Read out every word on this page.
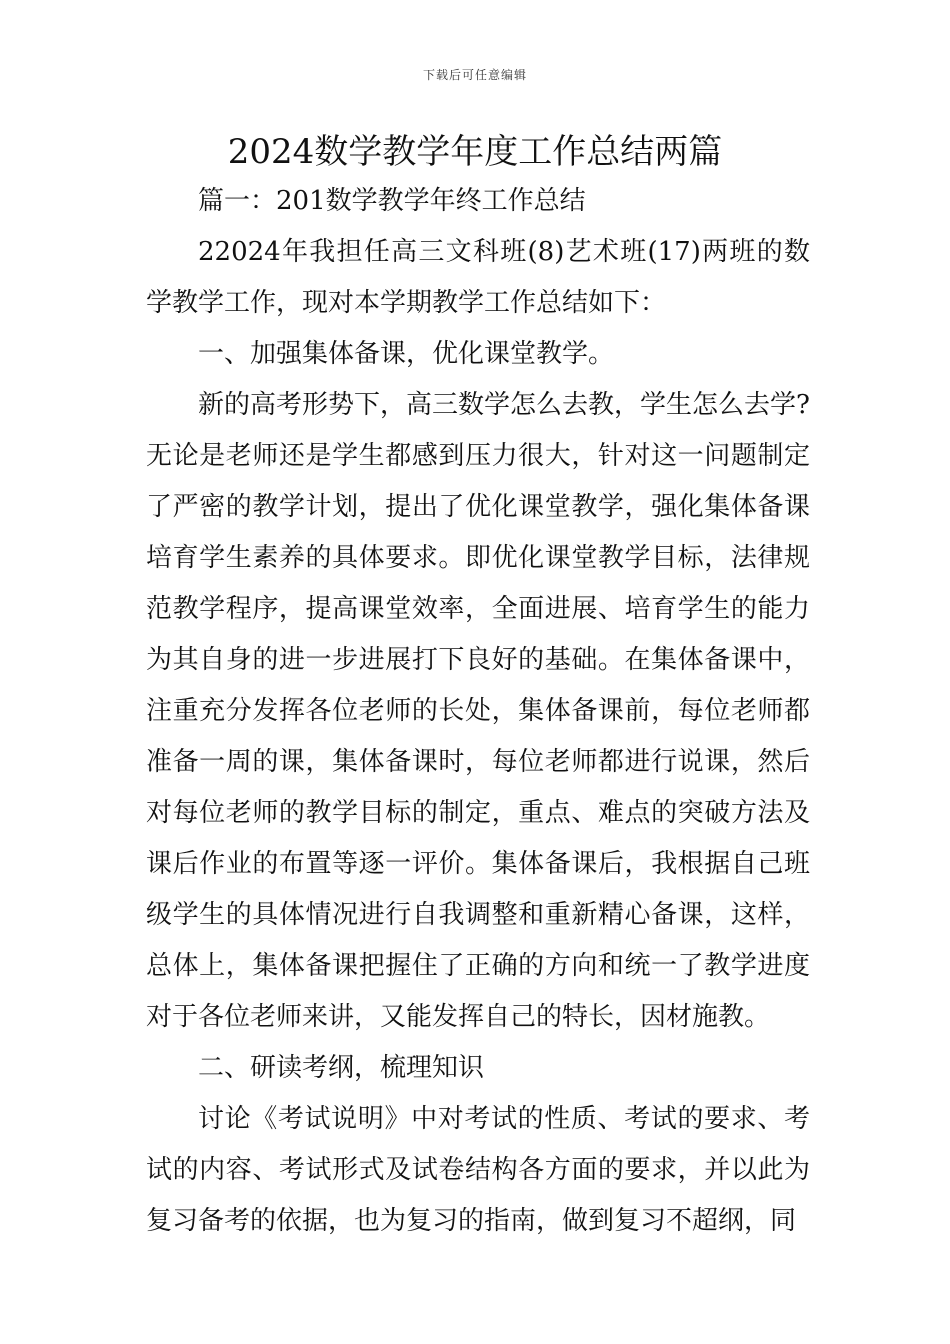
下载后可任意编辑
2024数学教学年度工作总结两篇

篇一：201数学教学年终工作总结

22024年我担任高三文科班(8)艺术班(17)两班的数学教学工作，现对本学期教学工作总结如下：

一、加强集体备课，优化课堂教学。

新的高考形势下，高三数学怎么去教，学生怎么去学?无论是老师还是学生都感到压力很大，针对这一问题制定了严密的教学计划，提出了优化课堂教学，强化集体备课培育学生素养的具体要求。即优化课堂教学目标，法律规范教学程序，提高课堂效率，全面进展、培育学生的能力为其自身的进一步进展打下良好的基础。在集体备课中，注重充分发挥各位老师的长处，集体备课前，每位老师都准备一周的课，集体备课时，每位老师都进行说课，然后对每位老师的教学目标的制定，重点、难点的突破方法及课后作业的布置等逐一评价。集体备课后，我根据自己班级学生的具体情况进行自我调整和重新精心备课，这样，总体上，集体备课把握住了正确的方向和统一了教学进度对于各位老师来讲，又能发挥自己的特长，因材施教。

二、研读考纲，梳理知识

讨论《考试说明》中对考试的性质、考试的要求、考试的内容、考试形式及试卷结构各方面的要求，并以此为复习备考的依据，也为复习的指南，做到复习不超纲，同
